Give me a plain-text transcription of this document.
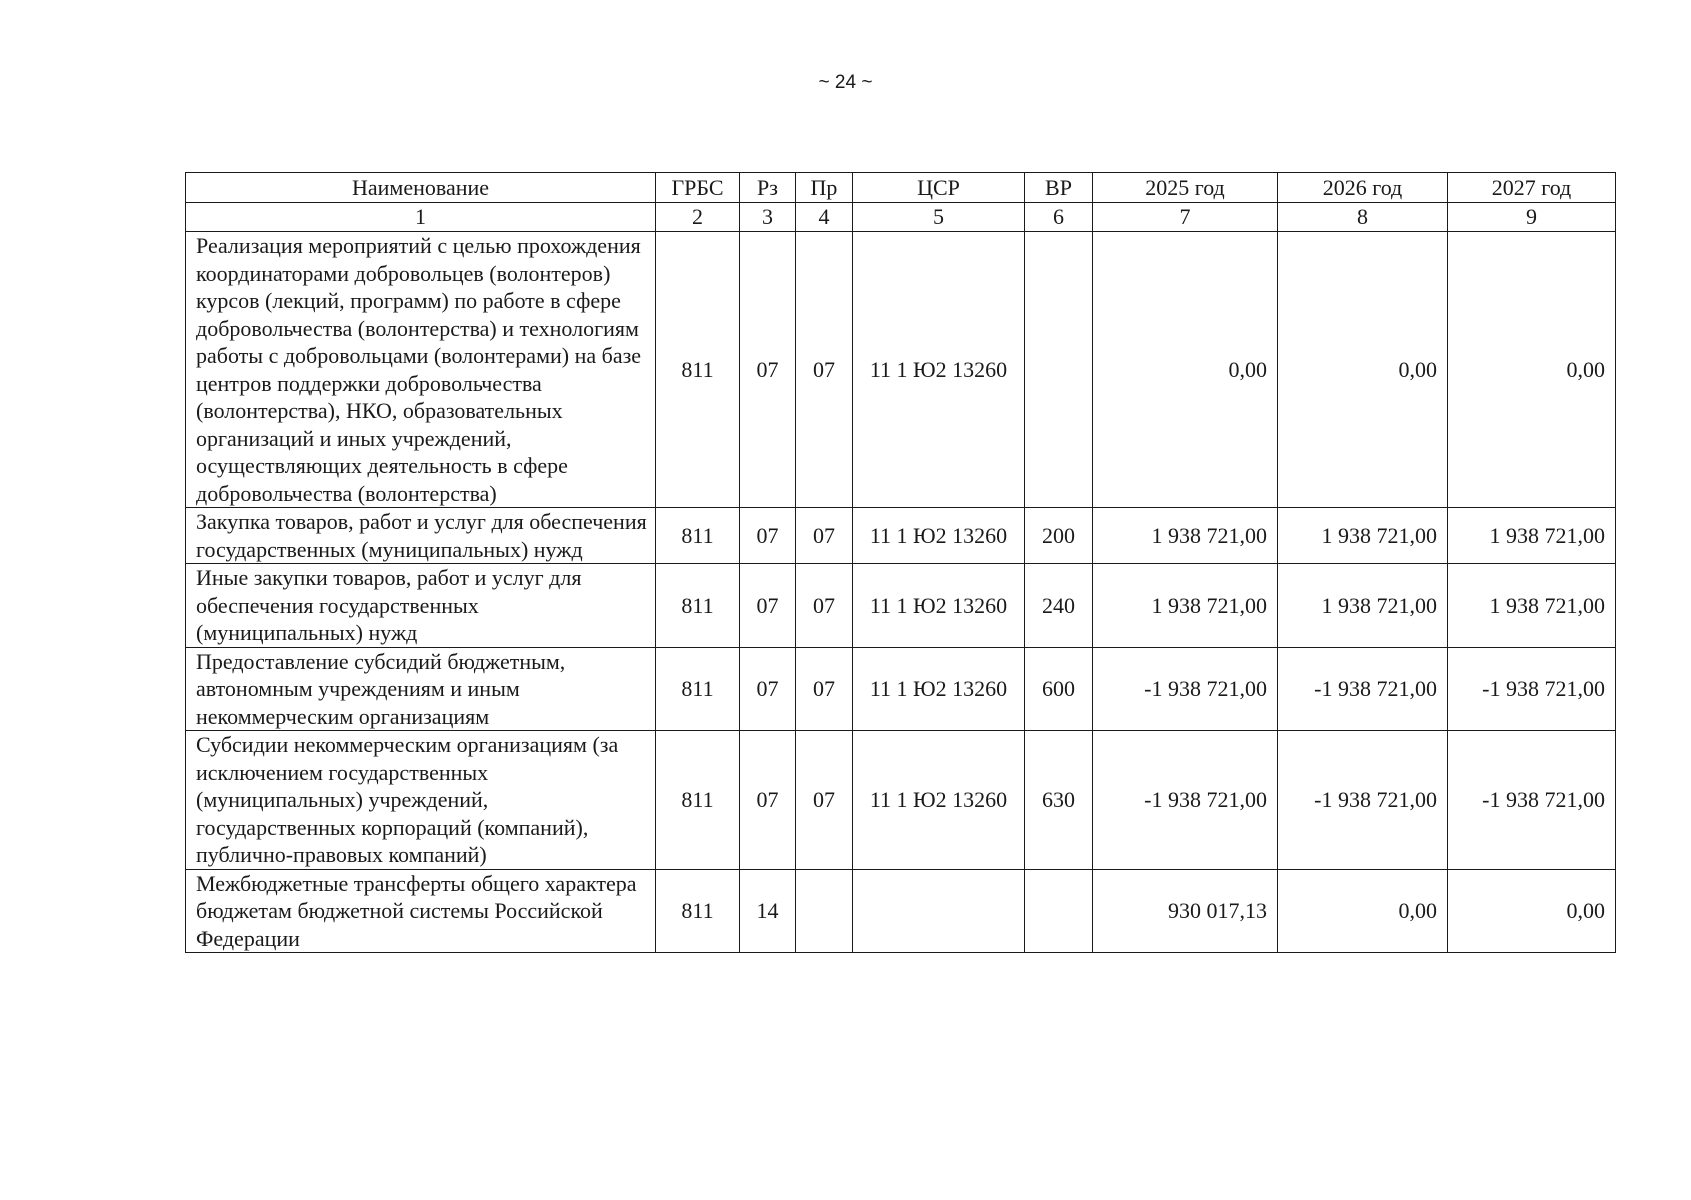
~ 24 ~
Наименование	ГРБС	Рз	Пр	ЦСР	ВР	2025 год	2026 год	2027 год
1	2	3	4	5	6	7	8	9
Реализация мероприятий с целью прохождения координаторами добровольцев (волонтеров) курсов (лекций, программ) по работе в сфере добровольчества (волонтерства) и технологиям работы с добровольцами (волонтерами) на базе центров поддержки добровольчества (волонтерства), НКО, образовательных организаций и иных учреждений, осуществляющих деятельность в сфере добровольчества (волонтерства)	811	07	07	11 1 Ю2 13260		0,00	0,00	0,00
Закупка товаров, работ и услуг для обеспечения государственных (муниципальных) нужд	811	07	07	11 1 Ю2 13260	200	1 938 721,00	1 938 721,00	1 938 721,00
Иные закупки товаров, работ и услуг для обеспечения государственных (муниципальных) нужд	811	07	07	11 1 Ю2 13260	240	1 938 721,00	1 938 721,00	1 938 721,00
Предоставление субсидий бюджетным, автономным учреждениям и иным некоммерческим организациям	811	07	07	11 1 Ю2 13260	600	-1 938 721,00	-1 938 721,00	-1 938 721,00
Субсидии некоммерческим организациям (за исключением государственных (муниципальных) учреждений, государственных корпораций (компаний), публично-правовых компаний)	811	07	07	11 1 Ю2 13260	630	-1 938 721,00	-1 938 721,00	-1 938 721,00
Межбюджетные трансферты общего характера бюджетам бюджетной системы Российской Федерации	811	14				930 017,13	0,00	0,00
